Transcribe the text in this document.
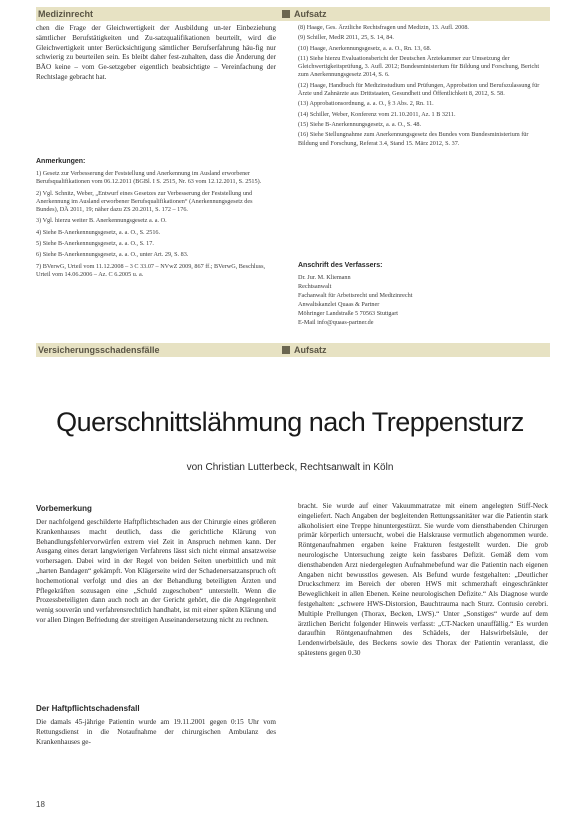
Medizinrecht	Aufsatz

chen die Frage der Gleichwertigkeit der Ausbildung un-ter Einbeziehung sämtlicher Berufstätigkeiten und Zu-satzqualifikationen beurteilt, wird die Gleichwertigkeit unter Berücksichtigung sämtlicher Berufserfahrung häu-fig nur schwierig zu beurteilen sein. Es bleibt daher fest-zuhalten, dass die Änderung der BÄO keine – vom Ge-setzgeber eigentlich beabsichtigte – Vereinfachung der Rechtslage gebracht hat.

Anmerkungen:

1) Gesetz zur Verbesserung der Feststellung und Anerkennung im Ausland erworbener Berufsqualifikationen vom 06.12.2011 (BGBl. I S. 2515, Nr. 63 vom 12.12.2011, S. 2515).

2) Vgl. Schnitz, Weber, „Entwurf eines Gesetzes zur Verbesserung der Feststellung und Anerkennung im Ausland erworbener Berufsqualifikationen“ (Anerkennungsgesetz des Bundes), DÄ 2011, 19; näher dazu ZS 20.2011, S. 172 – 176.

3) Vgl. hierzu weiter B. Anerkennungsgesetz a. a. O.

4) Siehe B-Anerkennungsgesetz, a. a. O., S. 2516.

5) Siehe B-Anerkennungsgesetz, a. a. O., S. 17.

6) Siehe B-Anerkennungsgesetz, a. a. O., unter Art. 29, S. 83.

7) BVerwG, Urteil vom 11.12.2008 – 3 C 33.07 – NVwZ 2009, 867 ff.; BVerwG, Beschluss, Urteil vom 14.06.2006 – Az. C 6.2005 u. a.

(8) Haage, Ges. Ärztliche Rechtsfragen und Medizin, 13. Aufl. 2008.

(9) Schiller, MedR 2011, 25, S. 14, 84.

(10) Haage, Anerkennungsgesetz, a. a. O., Rn. 13, 68.

(11) Siehe hierzu Evaluationsbericht der Deutschen Ärztekammer zur Umsetzung der Gleichwertigkeitsprüfung, 3. Aufl. 2012; Bundesministerium für Bildung und Forschung, Bericht zum Anerkennungsgesetz 2014, S. 6.

(12) Haage, Handbuch für Medizinstudium und Prüfungen, Approbation und Berufszulassung für Ärzte und Zahnärzte aus Drittstaaten, Gesundheit und Öffentlichkeit 8, 2012, S. 58.

(13) Approbationsordnung, a. a. O., § 3 Abs. 2, Rn. 11.

(14) Schiller, Weber, Konferenz vom 21.10.2011, Az. 1 B 3211.

(15) Siehe B-Anerkennungsgesetz, a. a. O., S. 48.

(16) Siehe Stellungnahme zum Anerkennungsgesetz des Bundes vom Bundesministerium für Bildung und Forschung, Referat 3.4, Stand 15. März 2012, S. 37.

Anschrift des Verfassers:

Dr. Jur. M. Kliemann

Rechtsanwalt

Fachanwalt für Arbeitsrecht und Medizinrecht

Anwaltskanzlei Quaas & Partner

Möhringer Landstraße 5 70563 Stuttgart

E-Mail info@quaas-partner.de

Versicherungsschadensfälle	Aufsatz
Querschnittslähmung nach Treppensturz
von Christian Lutterbeck, Rechtsanwalt in Köln
Vorbemerkung

Der nachfolgend geschilderte Haftpflichtschaden aus der Chirurgie eines größeren Krankenhauses macht deutlich, dass die gerichtliche Klärung von Behandlungsfehlervorwürfen extrem viel Zeit in Anspruch nehmen kann. Der Ausgang eines derart langwierigen Verfahrens lässt sich nicht einmal ansatzweise vorhersagen. Dabei wird in der Regel von beiden Seiten unerbittlich und mit „harten Bandagen“ gekämpft. Von Klägerseite wird der Schadenersatzanspruch oft hochemotional verfolgt und dies an der Behandlung beteiligten Ärzten und Pflegekräften sozusagen eine „Schuld zugeschoben“ unterstellt. Wenn die Prozessbeteiligten dann auch noch an der Gericht gehört, die die Angelegenheit wenig souverän und verfahrensrechtlich handhabt, ist mit einer späten Klärung und vor allen Dingen Befriedung der streitigen Auseinandersetzung nicht zu rechnen.

Der Haftpflichtschadensfall

Die damals 45-jährige Patientin wurde am 19.11.2001 gegen 0:15 Uhr vom Rettungsdienst in die Notaufnahme der chirurgischen Ambulanz des Krankenhauses ge-

bracht. Sie wurde auf einer Vakuummatratze mit einem angelegten Stiff-Neck eingeliefert. Nach Angaben der begleitenden Rettungssanitäter war die Patientin stark alkoholisiert eine Treppe hinuntergestürzt. Sie wurde vom diensthabenden Chirurgen primär körperlich untersucht, wobei die Halskrause vermutlich abgenommen wurde. Röntgenaufnahmen ergaben keine Frakturen festgestellt wurden. Die grob neurologische Untersuchung zeigte kein fassbares Defizit. Gemäß dem vom diensthabenden Arzt niedergelegten Aufnahmebefund war die Patientin nach eigenen Angaben nicht bewusstlos gewesen. Als Befund wurde festgehalten: „Deutlicher Druckschmerz im Bereich der oberen HWS mit schmerzhaft eingeschränkter Beweglichkeit in allen Ebenen. Keine neurologischen Defizite.“ Als Diagnose wurde festgehalten: „schwere HWS-Distorsion, Bauchtrauma nach Sturz. Contusio cerebri. Multiple Prellungen (Thorax, Becken, LWS).“ Unter „Sonstiges“ wurde auf dem ärztlichen Bericht folgender Hinweis verfasst: „CT-Nacken unauffällig.“ Es wurden daraufhin Röntgenaufnahmen des Schädels, der Halswirbelsäule, der Lendenwirbelsäule, des Beckens sowie des Thorax der Patientin veranlasst, die spätestens gegen 0.30

18
